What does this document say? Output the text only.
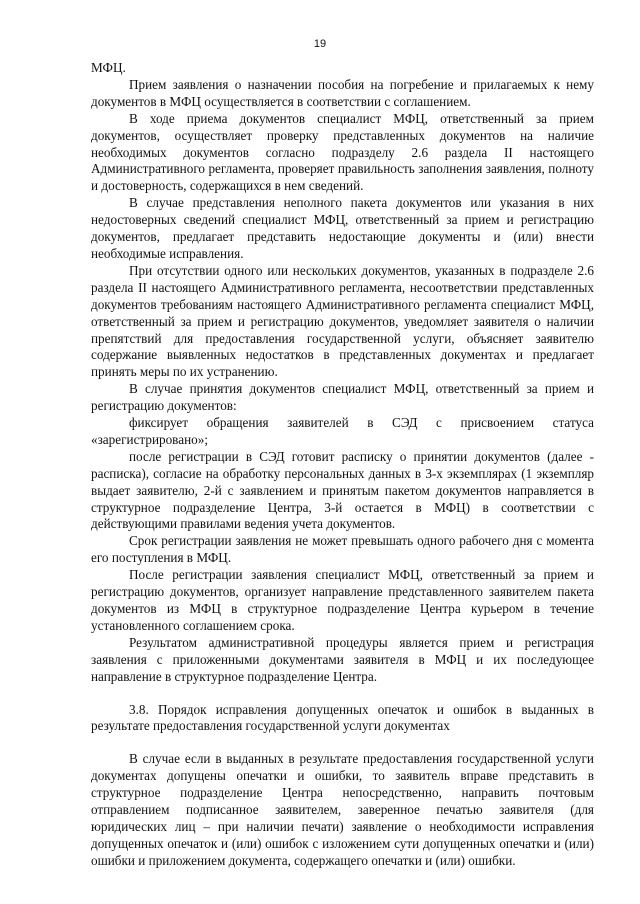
19

МФЦ.

Прием заявления о назначении пособия на погребение и прилагаемых к нему документов в МФЦ осуществляется в соответствии с соглашением.

В ходе приема документов специалист МФЦ, ответственный за прием документов, осуществляет проверку представленных документов на наличие необходимых документов согласно подразделу 2.6 раздела II настоящего Административного регламента, проверяет правильность заполнения заявления, полноту и достоверность, содержащихся в нем сведений.

В случае представления неполного пакета документов или указания в них недостоверных сведений специалист МФЦ, ответственный за прием и регистрацию документов, предлагает представить недостающие документы и (или) внести необходимые исправления.

При отсутствии одного или нескольких документов, указанных в подразделе 2.6 раздела II настоящего Административного регламента, несоответствии представленных документов требованиям настоящего Административного регламента специалист МФЦ, ответственный за прием и регистрацию документов, уведомляет заявителя о наличии препятствий для предоставления государственной услуги, объясняет заявителю содержание выявленных недостатков в представленных документах и предлагает принять меры по их устранению.

В случае принятия документов специалист МФЦ, ответственный за прием и регистрацию документов:

фиксирует обращения заявителей в СЭД с присвоением статуса «зарегистрировано»;

после регистрации в СЭД готовит расписку о принятии документов (далее - расписка), согласие на обработку персональных данных в 3-х экземплярах (1 экземпляр выдает заявителю, 2-й с заявлением и принятым пакетом документов направляется в структурное подразделение Центра, 3-й остается в МФЦ) в соответствии с действующими правилами ведения учета документов.

Срок регистрации заявления не может превышать одного рабочего дня с момента его поступления в МФЦ.

После регистрации заявления специалист МФЦ, ответственный за прием и регистрацию документов, организует направление представленного заявителем пакета документов из МФЦ в структурное подразделение Центра курьером в течение установленного соглашением срока.

Результатом административной процедуры является прием и регистрация заявления с приложенными документами заявителя в МФЦ и их последующее направление в структурное подразделение Центра.

3.8. Порядок исправления допущенных опечаток и ошибок в выданных в результате предоставления государственной услуги документах

В случае если в выданных в результате предоставления государственной услуги документах допущены опечатки и ошибки, то заявитель вправе представить в структурное подразделение Центра непосредственно, направить почтовым отправлением подписанное заявителем, заверенное печатью заявителя (для юридических лиц – при наличии печати) заявление о необходимости исправления допущенных опечаток и (или) ошибок с изложением сути допущенных опечатки и (или) ошибки и приложением документа, содержащего опечатки и (или) ошибки.
